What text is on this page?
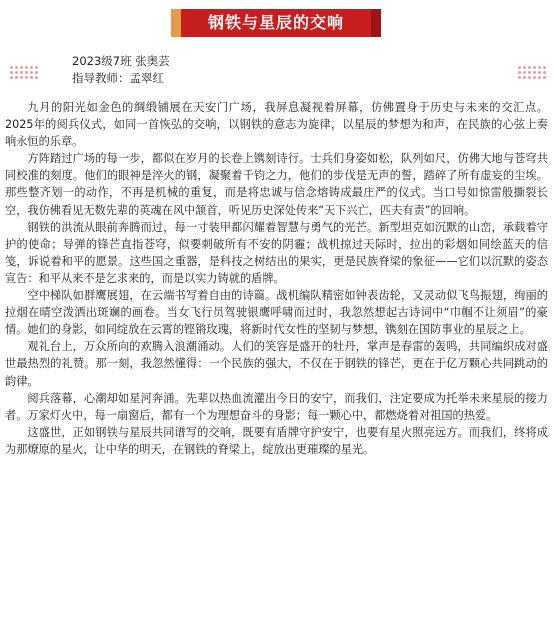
钢铁与星辰的交响
2023级7班 张奥芸
指导教师：孟翠红

九月的阳光如金色的绸缎铺展在天安门广场，我屏息凝视着屏幕，仿佛置身于历史与未来的交汇点。2025年的阅兵仪式，如同一首恢弘的交响，以钢铁的意志为旋律，以星辰的梦想为和声，在民族的心弦上奏响永恒的乐章。

方阵踏过广场的每一步，都似在岁月的长卷上镌刻诗行。士兵们身姿如松，队列如尺，仿佛大地与苍穹共同校准的刻度。他们的眼神是淬火的钢，凝聚着千钧之力，他们的步伐是无声的誓，踏碎了所有虚妄的尘埃。那些整齐划一的动作，不再是机械的重复，而是将忠诚与信念熔铸成最庄严的仪式。当口号如惊雷般撕裂长空，我仿佛看见无数先辈的英魂在风中颔首，听见历史深处传来“天下兴亡，匹夫有责”的回响。

钢铁的洪流从眼前奔腾而过，每一寸装甲都闪耀着智慧与勇气的光芒。新型坦克如沉默的山峦，承载着守护的使命；导弹的锋芒直指苍穹，似要刺破所有不安的阴霾；战机掠过天际时，拉出的彩烟如同绘蓝天的信笺，诉说着和平的愿景。这些国之重器，是科技之树结出的果实，更是民族脊梁的象征——它们以沉默的姿态宣告：和平从来不是乞求来的，而是以实力铸就的盾牌。

空中梯队如群鹰展翅，在云端书写着自由的诗篇。战机编队精密如钟表齿轮，又灵动似飞鸟振翅，绚丽的拉烟在晴空泼洒出斑斓的画卷。当女飞行员驾驶银鹰呼啸而过时，我忽然想起古诗词中“巾帼不让须眉”的豪情。她们的身影，如同绽放在云霄的铿锵玫瑰，将新时代女性的坚韧与梦想，镌刻在国防事业的星辰之上。

观礼台上，万众所向的欢腾入浪潮涌动。人们的笑容是盛开的牡丹，掌声是春雷的轰鸣，共同编织成对盛世最热烈的礼赞。那一刻，我忽然懂得：一个民族的强大，不仅在于钢铁的锋芒，更在于亿万颗心共同跳动的韵律。

阅兵落幕，心潮却如星河奔涌。先辈以热血流灌出今日的安宁，而我们，注定要成为托举未来星辰的接力者。万家灯火中，每一扇窗后，都有一个为理想奋斗的身影；每一颗心中，都燃烧着对祖国的热爱。

这盛世，正如钢铁与星辰共同谱写的交响，既要有盾牌守护安宁，也要有星火照亮远方。而我们，终将成为那燎原的星火，让中华的明天，在钢铁的脊梁上，绽放出更璀璨的星光。
